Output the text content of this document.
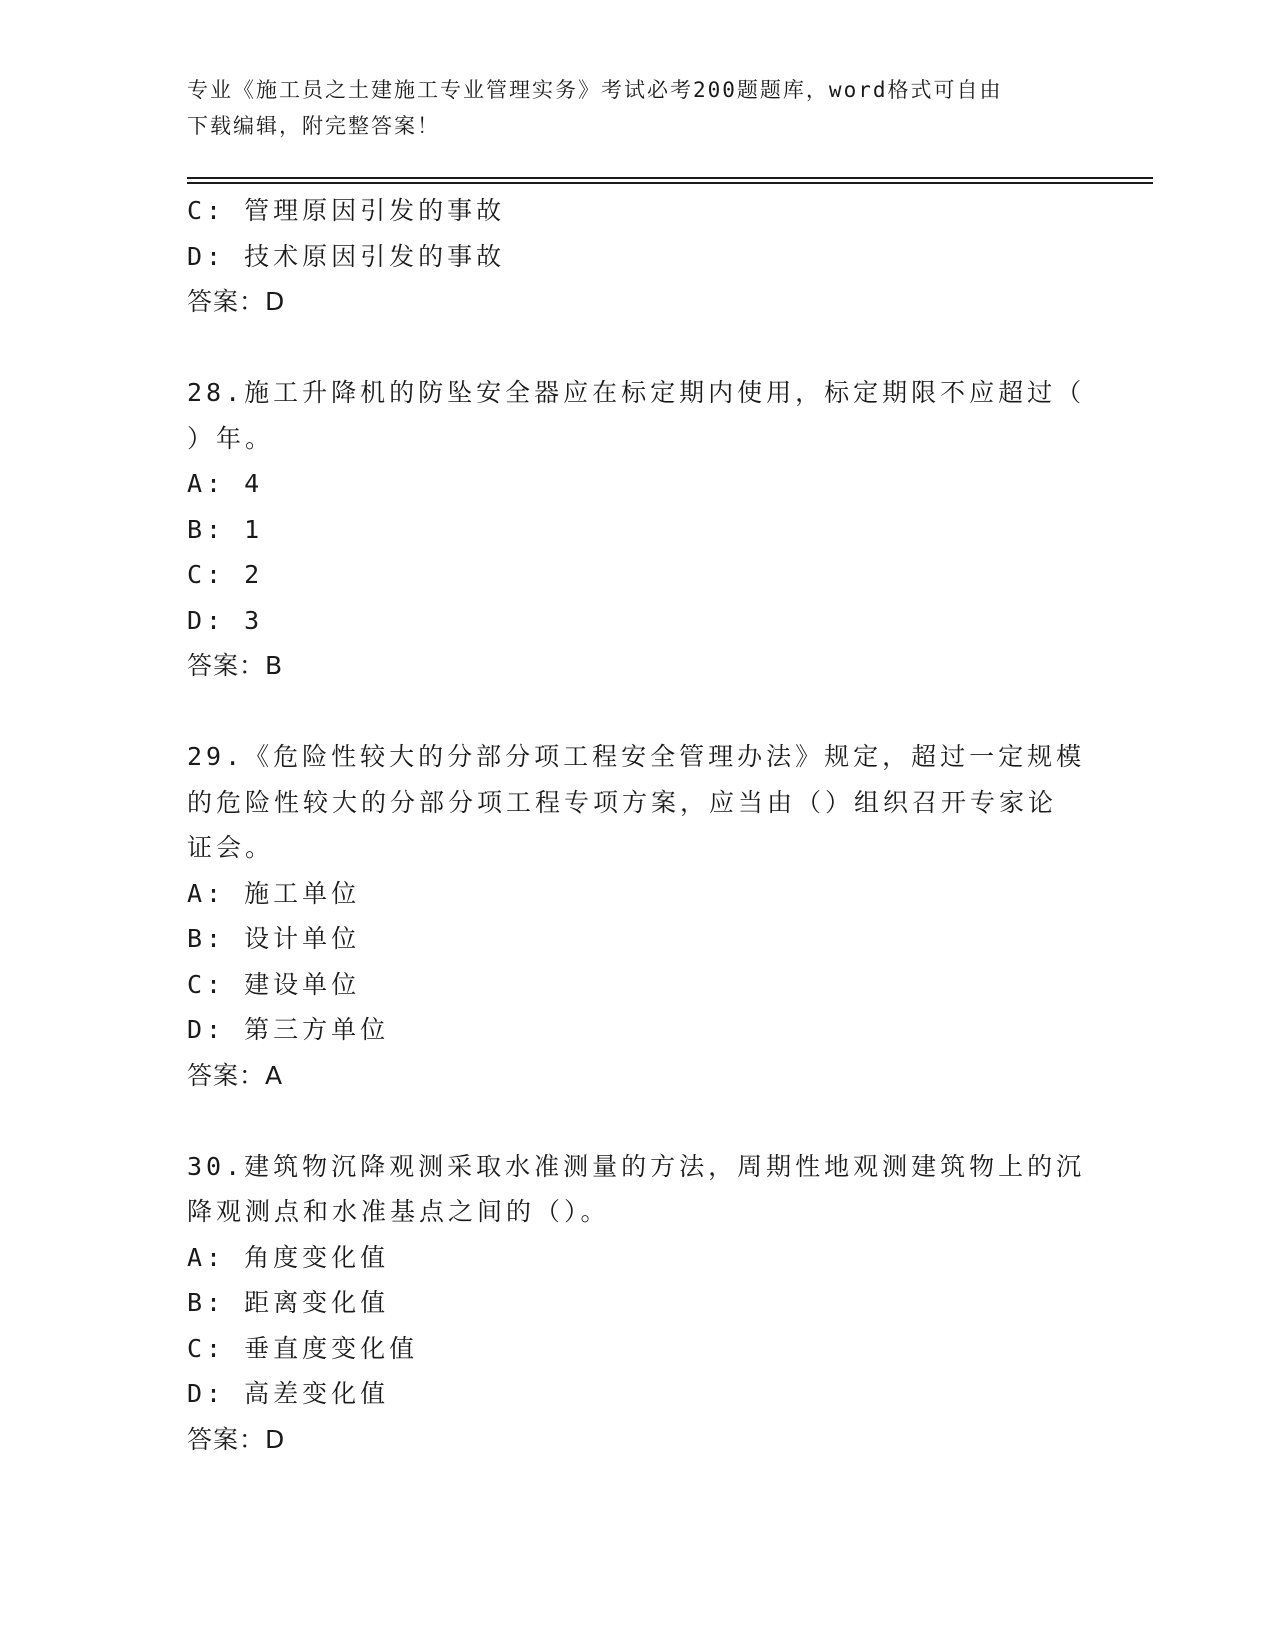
专业《施工员之土建施工专业管理实务》考试必考200题题库，word格式可自由
下载编辑，附完整答案！
C: 管理原因引发的事故
D: 技术原因引发的事故
答案：D
28.施工升降机的防坠安全器应在标定期内使用，标定期限不应超过（
）年。
A: 4
B: 1
C: 2
D: 3
答案：B
29.《危险性较大的分部分项工程安全管理办法》规定，超过一定规模
的危险性较大的分部分项工程专项方案，应当由（）组织召开专家论
证会。
A: 施工单位
B: 设计单位
C: 建设单位
D: 第三方单位
答案：A
30.建筑物沉降观测采取水准测量的方法，周期性地观测建筑物上的沉
降观测点和水准基点之间的（）。
A: 角度变化值
B: 距离变化值
C: 垂直度变化值
D: 高差变化值
答案：D
